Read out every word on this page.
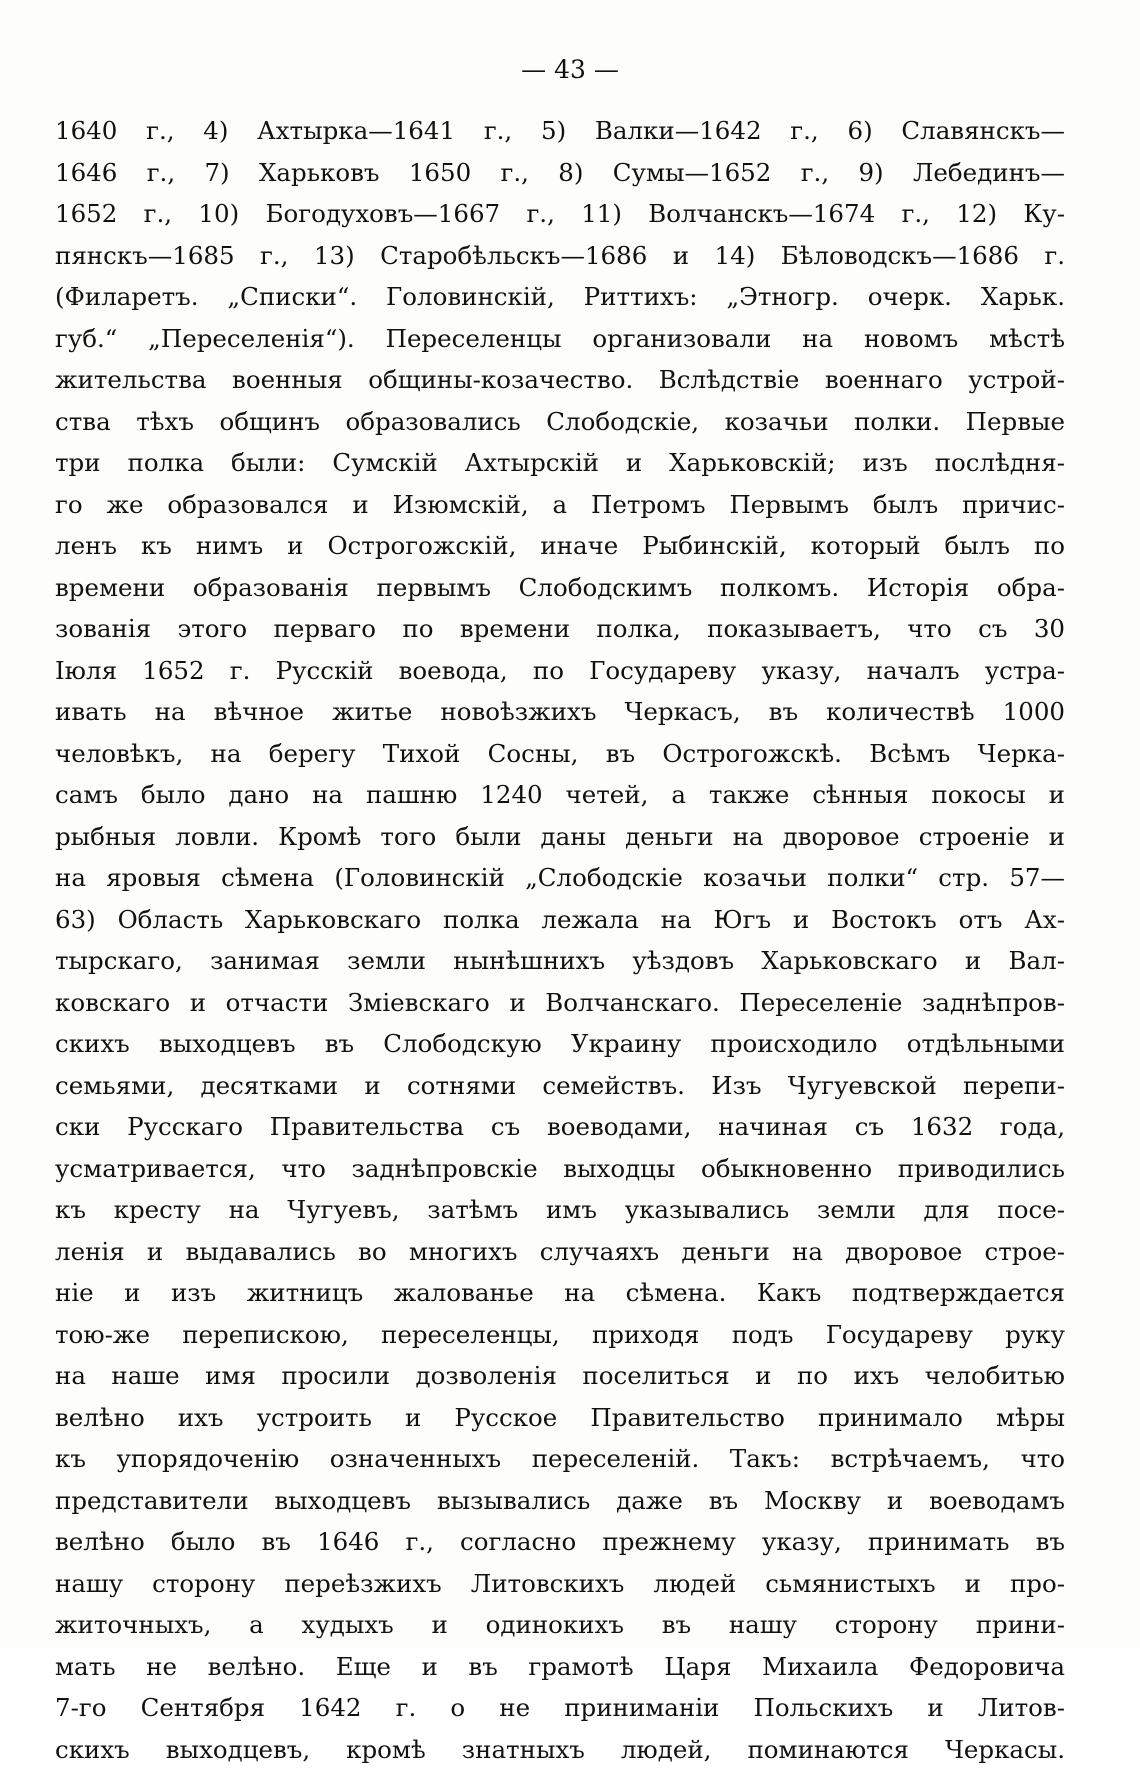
— 43 —
1640 г., 4) Ахтырка—1641 г., 5) Валки—1642 г., 6) Славянскъ—
1646 г., 7) Харьковъ 1650 г., 8) Сумы—1652 г., 9) Лебединъ—
1652 г., 10) Богодуховъ—1667 г., 11) Волчанскъ—1674 г., 12) Ку-
пянскъ—1685 г., 13) Старобѣльскъ—1686 и 14) Бѣловодскъ—1686 г.
(Филаретъ. „Списки“. Головинскій, Риттихъ: „Этногр. очерк. Харьк.
губ.“ „Переселенія“). Переселенцы организовали на новомъ мѣстѣ
жительства военныя общины-козачество. Вслѣдствіе военнаго устрой-
ства тѣхъ общинъ образовались Слободскіе, козачьи полки. Первые
три полка были: Сумскій Ахтырскій и Харьковскій; изъ послѣдня-
го же образовался и Изюмскій, а Петромъ Первымъ былъ причис-
ленъ къ нимъ и Острогожскій, иначе Рыбинскій, который былъ по
времени образованія первымъ Слободскимъ полкомъ. Исторія обра-
зованія этого перваго по времени полка, показываетъ, что съ 30
Іюля 1652 г. Русскій воевода, по Государеву указу, началъ устра-
ивать на вѣчное житье новоѣзжихъ Черкасъ, въ количествѣ 1000
человѣкъ, на берегу Тихой Сосны, въ Острогожскѣ. Всѣмъ Черка-
самъ было дано на пашню 1240 четей, а также сѣнныя покосы и
рыбныя ловли. Кромѣ того были даны деньги на дворовое строеніе и
на яровыя сѣмена (Головинскій „Слободскіе козачьи полки“ стр. 57—
63) Область Харьковскаго полка лежала на Югъ и Востокъ отъ Ах-
тырскаго, занимая земли нынѣшнихъ уѣздовъ Харьковскаго и Вал-
ковскаго и отчасти Зміевскаго и Волчанскаго. Переселеніе заднѣпров-
скихъ выходцевъ въ Слободскую Украину происходило отдѣльными
семьями, десятками и сотнями семействъ. Изъ Чугуевской перепи-
ски Русскаго Правительства съ воеводами, начиная съ 1632 года,
усматривается, что заднѣпровскіе выходцы обыкновенно приводились
къ кресту на Чугуевъ, затѣмъ имъ указывались земли для посе-
ленія и выдавались во многихъ случаяхъ деньги на дворовое строе-
ніе и изъ житницъ жалованье на сѣмена. Какъ подтверждается
тою-же перепискою, переселенцы, приходя подъ Государеву руку
на наше имя просили дозволенія поселиться и по ихъ челобитью
велѣно ихъ устроить и Русское Правительство принимало мѣры
къ упорядоченію означенныхъ переселеній. Такъ: встрѣчаемъ, что
представители выходцевъ вызывались даже въ Москву и воеводамъ
велѣно было въ 1646 г., согласно прежнему указу, принимать въ
нашу сторону переѣзжихъ Литовскихъ людей сьмянистыхъ и про-
житочныхъ, а худыхъ и одинокихъ въ нашу сторону прини-
мать не велѣно. Еще и въ грамотѣ Царя Михаила Федоровича
7-го Сентября 1642 г. о не приниманіи Польскихъ и Литов-
скихъ выходцевъ, кромѣ знатныхъ людей, поминаются Черкасы.
